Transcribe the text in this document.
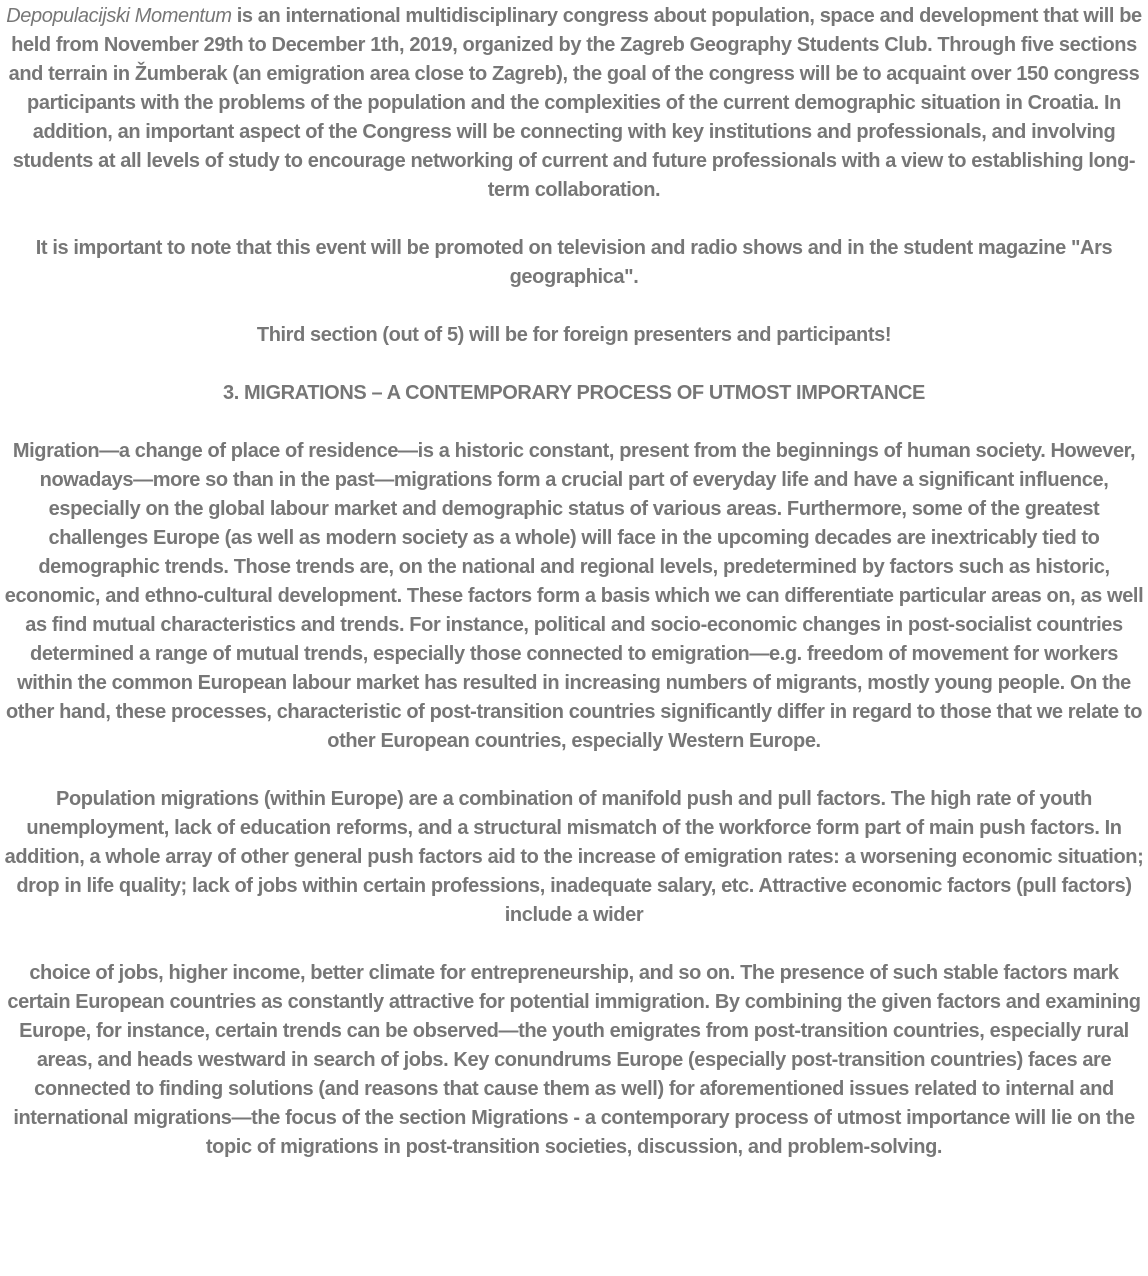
Depopulacijski Momentum is an international multidisciplinary congress about population, space and development that will be held from November 29th to December 1th, 2019, organized by the Zagreb Geography Students Club. Through five sections and terrain in Žumberak (an emigration area close to Zagreb), the goal of the congress will be to acquaint over 150 congress participants with the problems of the population and the complexities of the current demographic situation in Croatia. In addition, an important aspect of the Congress will be connecting with key institutions and professionals, and involving students at all levels of study to encourage networking of current and future professionals with a view to establishing long-term collaboration.

It is important to note that this event will be promoted on television and radio shows and in the student magazine "Ars geographica".

Third section (out of 5) will be for foreign presenters and participants!

3. MIGRATIONS – A CONTEMPORARY PROCESS OF UTMOST IMPORTANCE

Migration—a change of place of residence—is a historic constant, present from the beginnings of human society. However, nowadays—more so than in the past—migrations form a crucial part of everyday life and have a significant influence, especially on the global labour market and demographic status of various areas. Furthermore, some of the greatest challenges Europe (as well as modern society as a whole) will face in the upcoming decades are inextricably tied to demographic trends. Those trends are, on the national and regional levels, predetermined by factors such as historic, economic, and ethno-cultural development. These factors form a basis which we can differentiate particular areas on, as well as find mutual characteristics and trends. For instance, political and socio-economic changes in post-socialist countries determined a range of mutual trends, especially those connected to emigration—e.g. freedom of movement for workers within the common European labour market has resulted in increasing numbers of migrants, mostly young people. On the other hand, these processes, characteristic of post-transition countries significantly differ in regard to those that we relate to other European countries, especially Western Europe.

Population migrations (within Europe) are a combination of manifold push and pull factors. The high rate of youth unemployment, lack of education reforms, and a structural mismatch of the workforce form part of main push factors. In addition, a whole array of other general push factors aid to the increase of emigration rates: a worsening economic situation; drop in life quality; lack of jobs within certain professions, inadequate salary, etc. Attractive economic factors (pull factors) include a wider

choice of jobs, higher income, better climate for entrepreneurship, and so on. The presence of such stable factors mark certain European countries as constantly attractive for potential immigration. By combining the given factors and examining Europe, for instance, certain trends can be observed—the youth emigrates from post-transition countries, especially rural areas, and heads westward in search of jobs. Key conundrums Europe (especially post-transition countries) faces are connected to finding solutions (and reasons that cause them as well) for aforementioned issues related to internal and international migrations—the focus of the section Migrations - a contemporary process of utmost importance will lie on the topic of migrations in post-transition societies, discussion, and problem-solving.
